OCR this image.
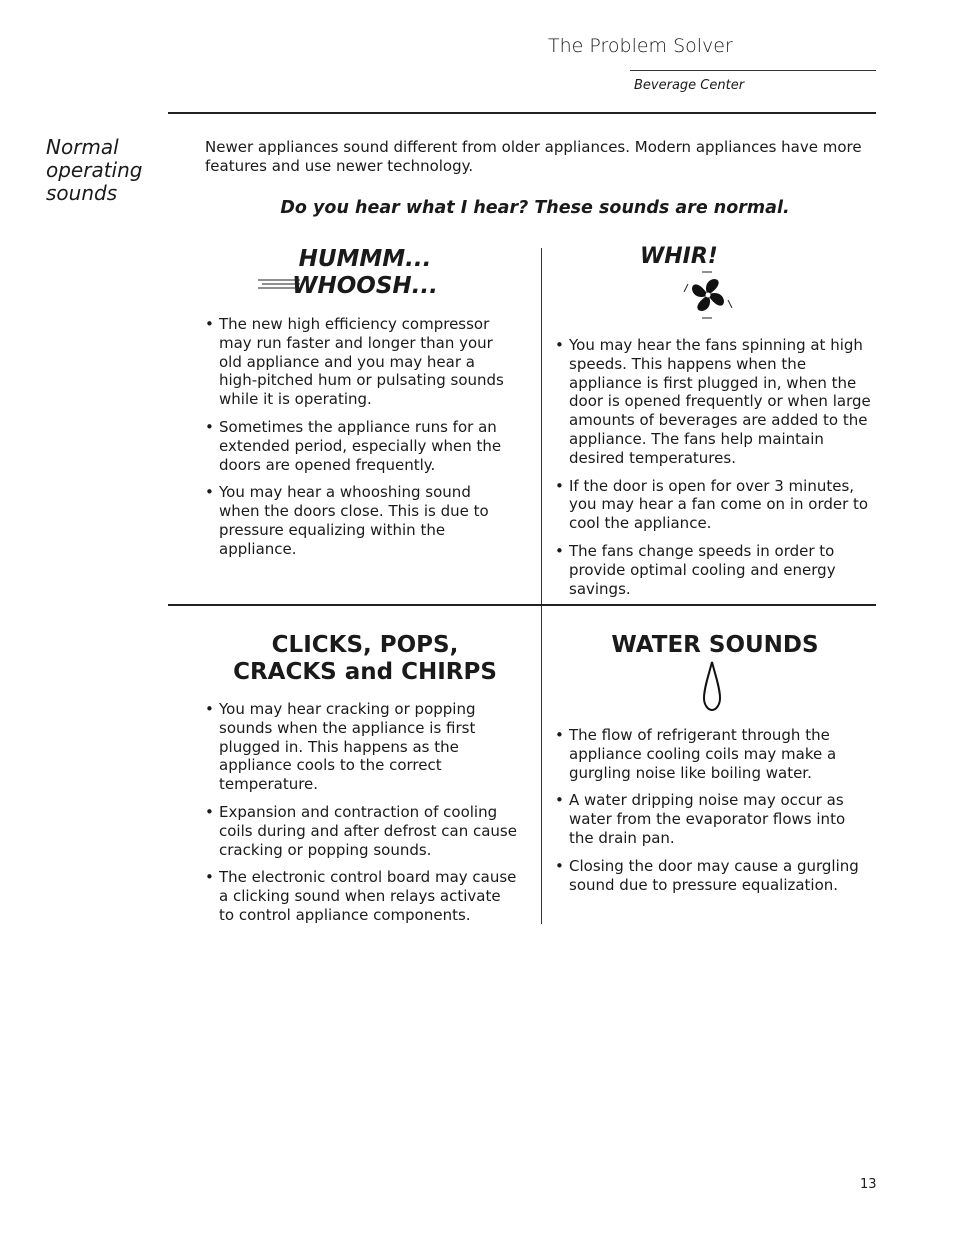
The Problem Solver
Beverage Center
Normal
operating
sounds
Newer appliances sound different from older appliances. Modern appliances have more features and use newer technology.
Do you hear what I hear? These sounds are normal.
HUMMM...
WHOOSH...
• The new high efficiency compressor may run faster and longer than your old appliance and you may hear a high-pitched hum or pulsating sounds while it is operating.
• Sometimes the appliance runs for an extended period, especially when the doors are opened frequently.
• You may hear a whooshing sound when the doors close. This is due to pressure equalizing within the appliance.
WHIR!
• You may hear the fans spinning at high speeds. This happens when the appliance is first plugged in, when the door is opened frequently or when large amounts of beverages are added to the appliance. The fans help maintain desired temperatures.
• If the door is open for over 3 minutes, you may hear a fan come on in order to cool the appliance.
• The fans change speeds in order to provide optimal cooling and energy savings.
CLICKS, POPS,
CRACKS and CHIRPS
• You may hear cracking or popping sounds when the appliance is first plugged in. This happens as the appliance cools to the correct temperature.
• Expansion and contraction of cooling coils during and after defrost can cause cracking or popping sounds.
• The electronic control board may cause a clicking sound when relays activate to control appliance components.
WATER SOUNDS
• The flow of refrigerant through the appliance cooling coils may make a gurgling noise like boiling water.
• A water dripping noise may occur as water from the evaporator flows into the drain pan.
• Closing the door may cause a gurgling sound due to pressure equalization.
13
